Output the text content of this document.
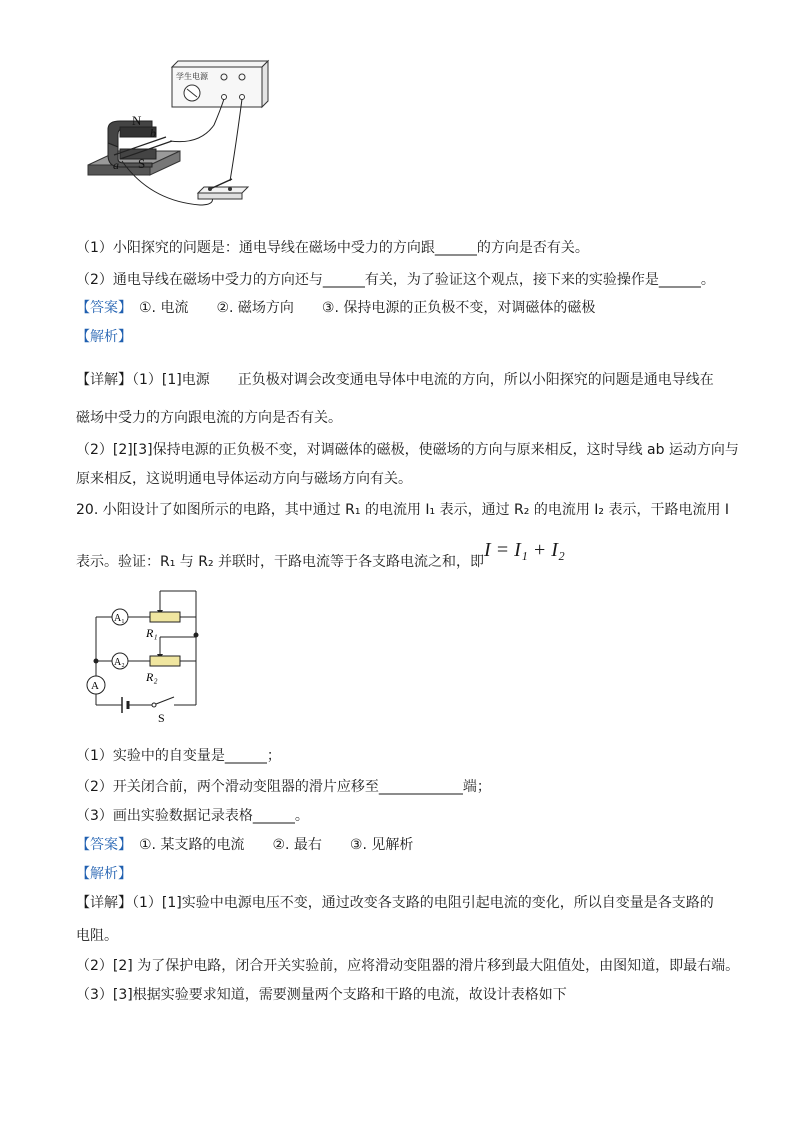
学生电源
N
S
a
b
（1）小阳探究的问题是：通电导线在磁场中受力的方向跟______的方向是否有关。
（2）通电导线在磁场中受力的方向还与______有关，为了验证这个观点，接下来的实验操作是______。
【答案】　 ①. 电流　　②. 磁场方向　　③. 保持电源的正负极不变，对调磁体的磁极
【解析】
【详解】（1）[1]电源　　正负极对调会改变通电导体中电流的方向，所以小阳探究的问题是通电导线在
磁场中受力的方向跟电流的方向是否有关。
（2）[2][3]保持电源的正负极不变，对调磁体的磁极，使磁场的方向与原来相反，这时导线 ab 运动方向与
原来相反，这说明通电导体运动方向与磁场方向有关。
20. 小阳设计了如图所示的电路，其中通过 R₁ 的电流用 I₁ 表示，通过 R₂ 的电流用 I₂ 表示，干路电流用 I
表示。验证：R₁ 与 R₂ 并联时，干路电流等于各支路电流之和，即
I = I₁ + I₂
A₁
A₂
A
R₁
R₂
S
（1）实验中的自变量是______；
（2）开关闭合前，两个滑动变阻器的滑片应移至____________端；
（3）画出实验数据记录表格______。
【答案】　 ①. 某支路的电流　　②. 最右　　③. 见解析
【解析】
【详解】（1）[1]实验中电源电压不变，通过改变各支路的电阻引起电流的变化，所以自变量是各支路的
电阻。
（2）[2] 为了保护电路，闭合开关实验前，应将滑动变阻器的滑片移到最大阻值处，由图知道，即最右端。
（3）[3]根据实验要求知道，需要测量两个支路和干路的电流，故设计表格如下
